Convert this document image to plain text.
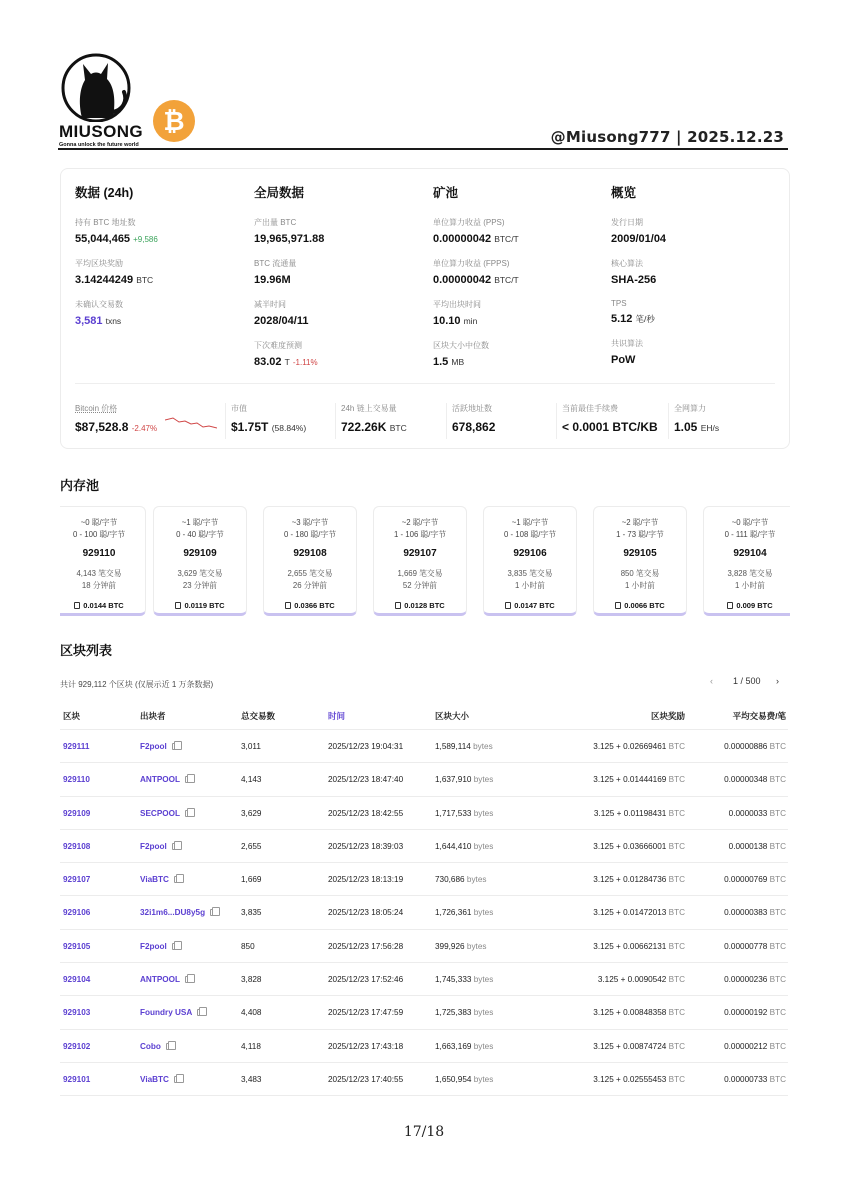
MIUSONG
Gonna unlock the future world
₿
@Miusong777 | 2025.12.23
数据 (24h)
持有 BTC 地址数
55,044,465 +9,586
平均区块奖励
3.14244249 BTC
未确认交易数
3,581 txns
全局数据
产出量 BTC
19,965,971.88
BTC 流通量
19.96M
减半时间
2028/04/11
下次难度预测
83.02 T -1.11%
矿池
单位算力收益 (PPS)
0.00000042 BTC/T
单位算力收益 (FPPS)
0.00000042 BTC/T
平均出块时间
10.10 min
区块大小中位数
1.5 MB
概览
发行日期
2009/01/04
核心算法
SHA-256
TPS
5.12 笔/秒
共识算法
PoW
Bitcoin 价格
$87,528.8 -2.47%
市值
$1.75T (58.84%)
24h 链上交易量
722.26K BTC
活跃地址数
678,862
当前最佳手续费
< 0.0001 BTC/KB
全网算力
1.05 EH/s
内存池
~0 聪/字节
0 - 100 聪/字节
929110
4,143 笔交易
18 分钟前
0.0144 BTC
~1 聪/字节
0 - 40 聪/字节
929109
3,629 笔交易
23 分钟前
0.0119 BTC
~3 聪/字节
0 - 180 聪/字节
929108
2,655 笔交易
26 分钟前
0.0366 BTC
~2 聪/字节
1 - 106 聪/字节
929107
1,669 笔交易
52 分钟前
0.0128 BTC
~1 聪/字节
0 - 108 聪/字节
929106
3,835 笔交易
1 小时前
0.0147 BTC
~2 聪/字节
1 - 73 聪/字节
929105
850 笔交易
1 小时前
0.0066 BTC
~0 聪/字节
0 - 111 聪/字节
929104
3,828 笔交易
1 小时前
0.009 BTC
区块列表
共计 929,112 个区块 (仅展示近 1 万条数据)	‹ 1 / 500 ›
区块	出块者	总交易数	时间	区块大小	区块奖励	平均交易费/笔
929111	F2pool	3,011	2025/12/23 19:04:31	1,589,114 bytes	3.125 + 0.02669461 BTC	0.00000886 BTC
929110	ANTPOOL	4,143	2025/12/23 18:47:40	1,637,910 bytes	3.125 + 0.01444169 BTC	0.00000348 BTC
929109	SECPOOL	3,629	2025/12/23 18:42:55	1,717,533 bytes	3.125 + 0.01198431 BTC	0.0000033 BTC
929108	F2pool	2,655	2025/12/23 18:39:03	1,644,410 bytes	3.125 + 0.03666001 BTC	0.0000138 BTC
929107	ViaBTC	1,669	2025/12/23 18:13:19	730,686 bytes	3.125 + 0.01284736 BTC	0.00000769 BTC
929106	32i1m6...DU8y5g	3,835	2025/12/23 18:05:24	1,726,361 bytes	3.125 + 0.01472013 BTC	0.00000383 BTC
929105	F2pool	850	2025/12/23 17:56:28	399,926 bytes	3.125 + 0.00662131 BTC	0.00000778 BTC
929104	ANTPOOL	3,828	2025/12/23 17:52:46	1,745,333 bytes	3.125 + 0.0090542 BTC	0.00000236 BTC
929103	Foundry USA	4,408	2025/12/23 17:47:59	1,725,383 bytes	3.125 + 0.00848358 BTC	0.00000192 BTC
929102	Cobo	4,118	2025/12/23 17:43:18	1,663,169 bytes	3.125 + 0.00874724 BTC	0.00000212 BTC
929101	ViaBTC	3,483	2025/12/23 17:40:55	1,650,954 bytes	3.125 + 0.02555453 BTC	0.00000733 BTC
17/18
